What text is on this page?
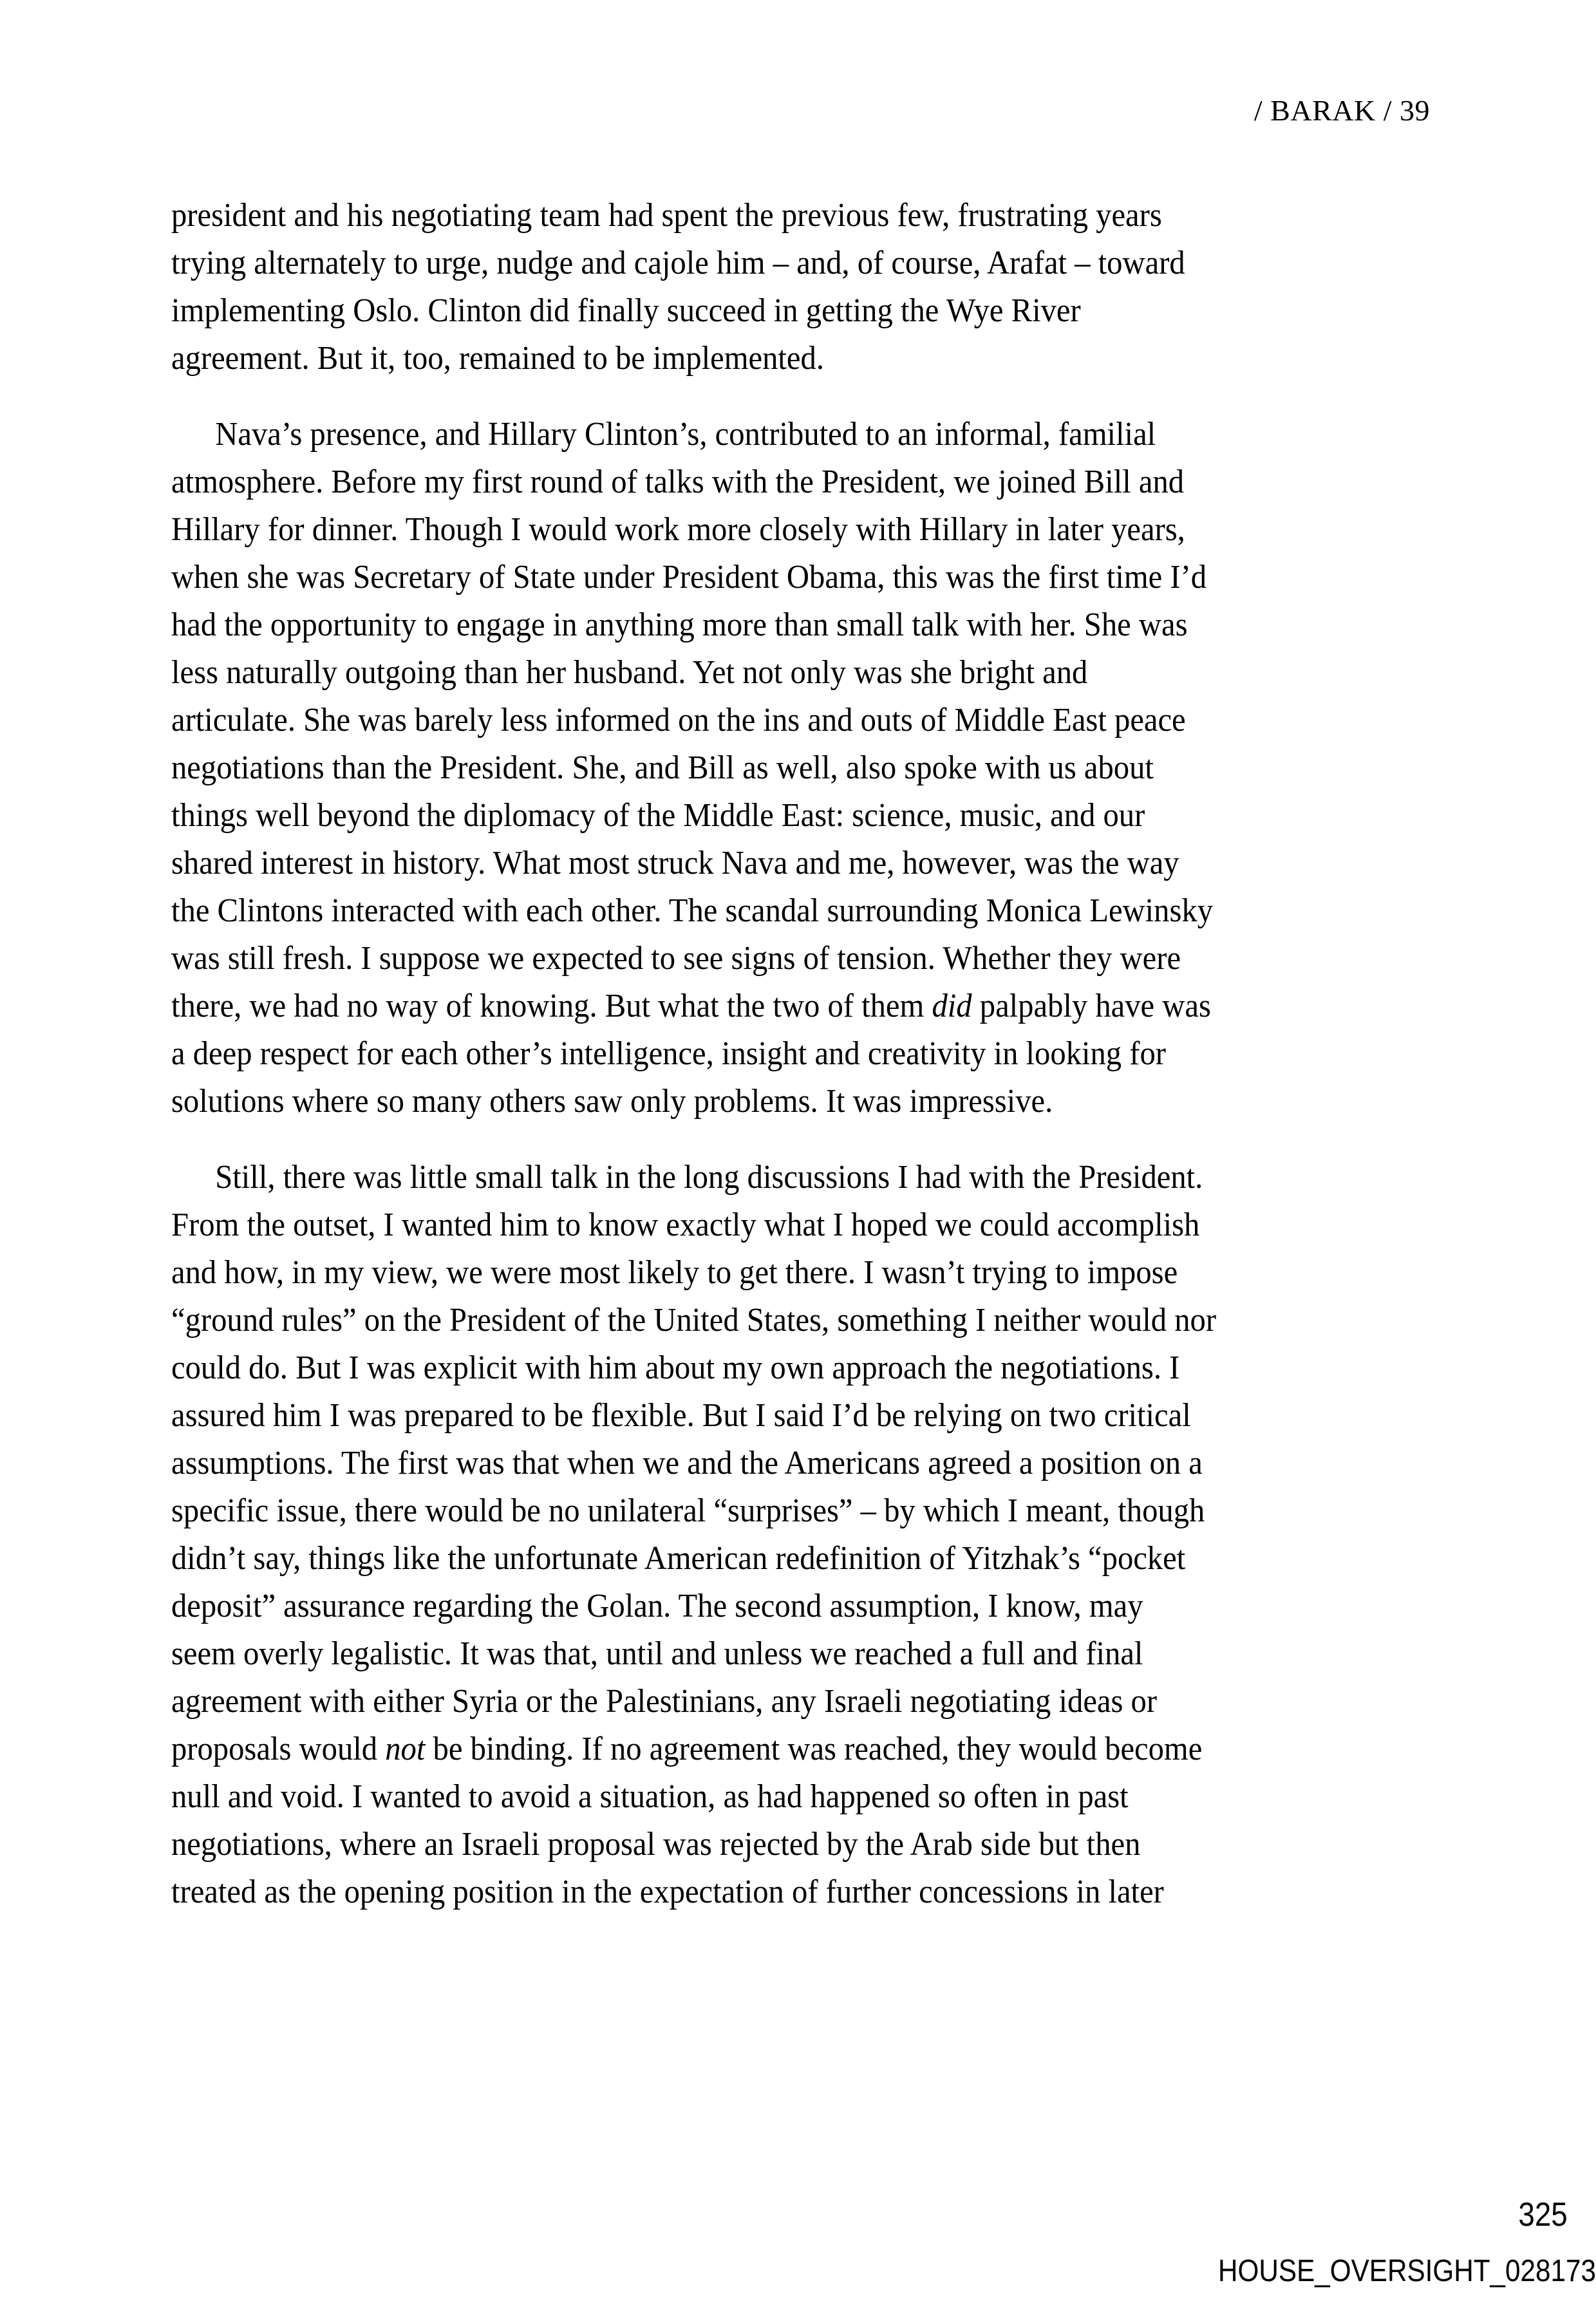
/ BARAK / 39
president and his negotiating team had spent the previous few, frustrating years
trying alternately to urge, nudge and cajole him – and, of course, Arafat – toward
implementing Oslo. Clinton did finally succeed in getting the Wye River
agreement. But it, too, remained to be implemented.
Nava’s presence, and Hillary Clinton’s, contributed to an informal, familial
atmosphere. Before my first round of talks with the President, we joined Bill and
Hillary for dinner. Though I would work more closely with Hillary in later years,
when she was Secretary of State under President Obama, this was the first time I’d
had the opportunity to engage in anything more than small talk with her. She was
less naturally outgoing than her husband. Yet not only was she bright and
articulate. She was barely less informed on the ins and outs of Middle East peace
negotiations than the President. She, and Bill as well, also spoke with us about
things well beyond the diplomacy of the Middle East: science, music, and our
shared interest in history. What most struck Nava and me, however, was the way
the Clintons interacted with each other. The scandal surrounding Monica Lewinsky
was still fresh. I suppose we expected to see signs of tension. Whether they were
there, we had no way of knowing. But what the two of them did palpably have was
a deep respect for each other’s intelligence, insight and creativity in looking for
solutions where so many others saw only problems. It was impressive.
Still, there was little small talk in the long discussions I had with the President.
From the outset, I wanted him to know exactly what I hoped we could accomplish
and how, in my view, we were most likely to get there. I wasn’t trying to impose
“ground rules” on the President of the United States, something I neither would nor
could do. But I was explicit with him about my own approach the negotiations. I
assured him I was prepared to be flexible. But I said I’d be relying on two critical
assumptions. The first was that when we and the Americans agreed a position on a
specific issue, there would be no unilateral “surprises” – by which I meant, though
didn’t say, things like the unfortunate American redefinition of Yitzhak’s “pocket
deposit” assurance regarding the Golan. The second assumption, I know, may
seem overly legalistic. It was that, until and unless we reached a full and final
agreement with either Syria or the Palestinians, any Israeli negotiating ideas or
proposals would not be binding. If no agreement was reached, they would become
null and void. I wanted to avoid a situation, as had happened so often in past
negotiations, where an Israeli proposal was rejected by the Arab side but then
treated as the opening position in the expectation of further concessions in later
325
HOUSE_OVERSIGHT_028173
